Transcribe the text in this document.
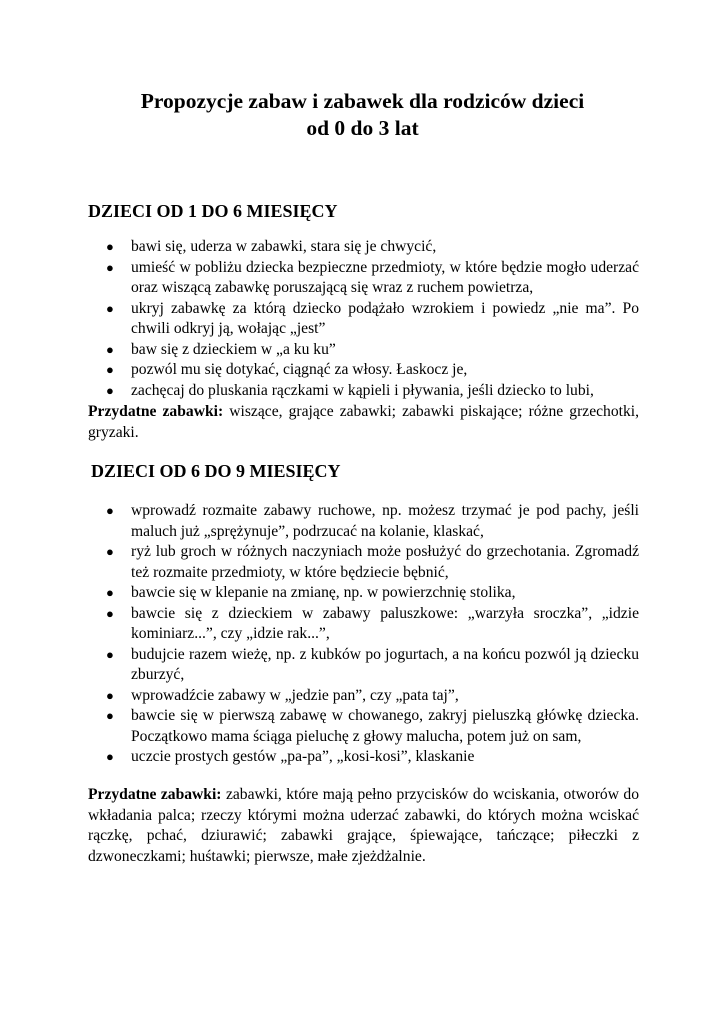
Propozycje zabaw i zabawek dla rodziców dzieci
od 0 do 3 lat
DZIECI OD 1 DO 6 MIESIĘCY
● bawi się, uderza w zabawki, stara się je chwycić,
● umieść w pobliżu dziecka bezpieczne przedmioty, w które będzie mogło uderzać oraz wiszącą zabawkę poruszającą się wraz z ruchem powietrza,
● ukryj zabawkę za którą dziecko podążało wzrokiem i powiedz „nie ma”. Po chwili odkryj ją, wołając „jest”
● baw się z dzieckiem w „a ku ku”
● pozwól mu się dotykać, ciągnąć za włosy. Łaskocz je,
● zachęcaj do pluskania rączkami w kąpieli i pływania, jeśli dziecko to lubi,

Przydatne zabawki: wiszące, grające zabawki; zabawki piskające; różne grzechotki, gryzaki.

DZIECI OD 6 DO 9 MIESIĘCY
● wprowadź rozmaite zabawy ruchowe, np. możesz trzymać je pod pachy, jeśli maluch już „sprężynuje”, podrzucać na kolanie, klaskać,
● ryż lub groch w różnych naczyniach może posłużyć do grzechotania. Zgromadź też rozmaite przedmioty, w które będziecie bębnić,
● bawcie się w klepanie na zmianę, np. w powierzchnię stolika,
● bawcie się z dzieckiem w zabawy paluszkowe: „warzyła sroczka”, „idzie kominiarz...”, czy „idzie rak...”,
● budujcie razem wieżę, np. z kubków po jogurtach, a na końcu pozwól ją dziecku zburzyć,
● wprowadźcie zabawy w „jedzie pan”, czy „pata taj”,
● bawcie się w pierwszą zabawę w chowanego, zakryj pieluszką główkę dziecka. Początkowo mama ściąga pieluchę z głowy malucha, potem już on sam,
● uczcie prostych gestów „pa-pa”, „kosi-kosi”, klaskanie

Przydatne zabawki: zabawki, które mają pełno przycisków do wciskania, otworów do wkładania palca; rzeczy którymi można uderzać zabawki, do których można wciskać rączkę, pchać, dziurawić; zabawki grające, śpiewające, tańczące; piłeczki z dzwoneczkami; huśtawki; pierwsze, małe zjeżdżalnie.
